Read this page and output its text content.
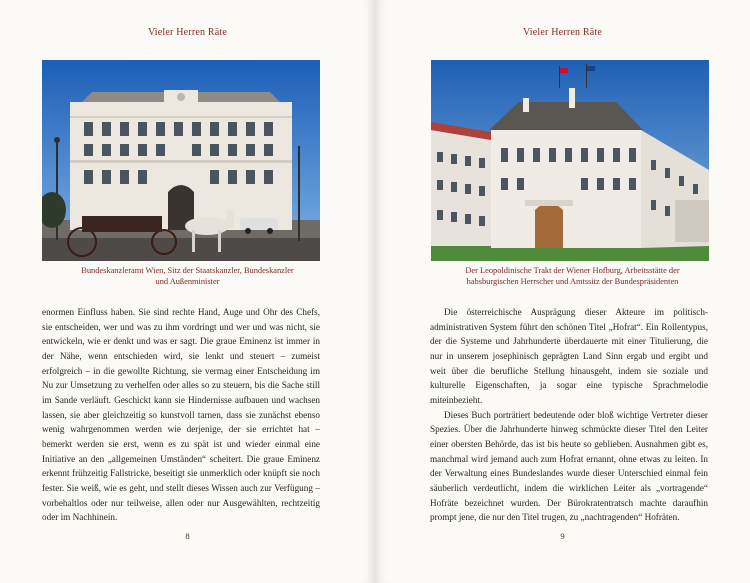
Vieler Herren Räte
Bundeskanzleramt Wien, Sitz der Staatskanzler, Bundeskanzler
und Außenminister

enormen Einfluss haben. Sie sind rechte Hand, Auge und Ohr des Chefs, sie entscheiden, wer und was zu ihm vordringt und wer und was nicht, sie entwickeln, wie er denkt und was er sagt. Die graue Eminenz ist immer in der Nähe, wenn entschieden wird, sie lenkt und steuert – zumeist erfolgreich – in die gewollte Richtung, sie vermag einer Entscheidung im Nu zur Umsetzung zu verhelfen oder alles so zu steuern, bis die Sache still im Sande verläuft. Geschickt kann sie Hindernisse aufbauen und wachsen lassen, sie aber gleichzeitig so kunstvoll tarnen, dass sie zunächst ebenso wenig wahrgenommen werden wie derjenige, der sie errichtet hat – bemerkt werden sie erst, wenn es zu spät ist und wieder einmal eine Initiative an den „allgemeinen Umständen“ scheitert. Die graue Eminenz erkennt frühzeitig Fallstricke, beseitigt sie unmerklich oder knüpft sie noch fester. Sie weiß, wie es geht, und stellt dieses Wissen auch zur Verfügung – vorbehaltlos oder nur teilweise, allen oder nur Ausgewählten, rechtzeitig oder im Nachhinein.

8
Vieler Herren Räte
Der Leopoldinische Trakt der Wiener Hofburg, Arbeitsstätte der
habsburgischen Herrscher und Amtssitz der Bundespräsidenten

Die österreichische Ausprägung dieser Akteure im politisch-administrativen System führt den schönen Titel „Hofrat“. Ein Rollentypus, der die Systeme und Jahrhunderte überdauerte mit einer Titulierung, die nur in unserem josephinisch geprägten Land Sinn ergab und ergibt und weit über die berufliche Stellung hinausgeht, indem sie soziale und kulturelle Eigenschaften, ja sogar eine typische Sprachmelodie miteinbezieht.

Dieses Buch porträtiert bedeutende oder bloß wichtige Vertreter dieser Spezies. Über die Jahrhunderte hinweg schmückte dieser Titel den Leiter einer obersten Behörde, das ist bis heute so geblieben. Ausnahmen gibt es, manchmal wird jemand auch zum Hofrat ernannt, ohne etwas zu leiten. In der Verwaltung eines Bundeslandes wurde dieser Unterschied einmal fein säuberlich verdeutlicht, indem die wirklichen Leiter als „vortragende“ Hofräte bezeichnet wurden. Der Bürokratentratsch machte daraufhin prompt jene, die nur den Titel trugen, zu „nachtragenden“ Hofräten.

9
